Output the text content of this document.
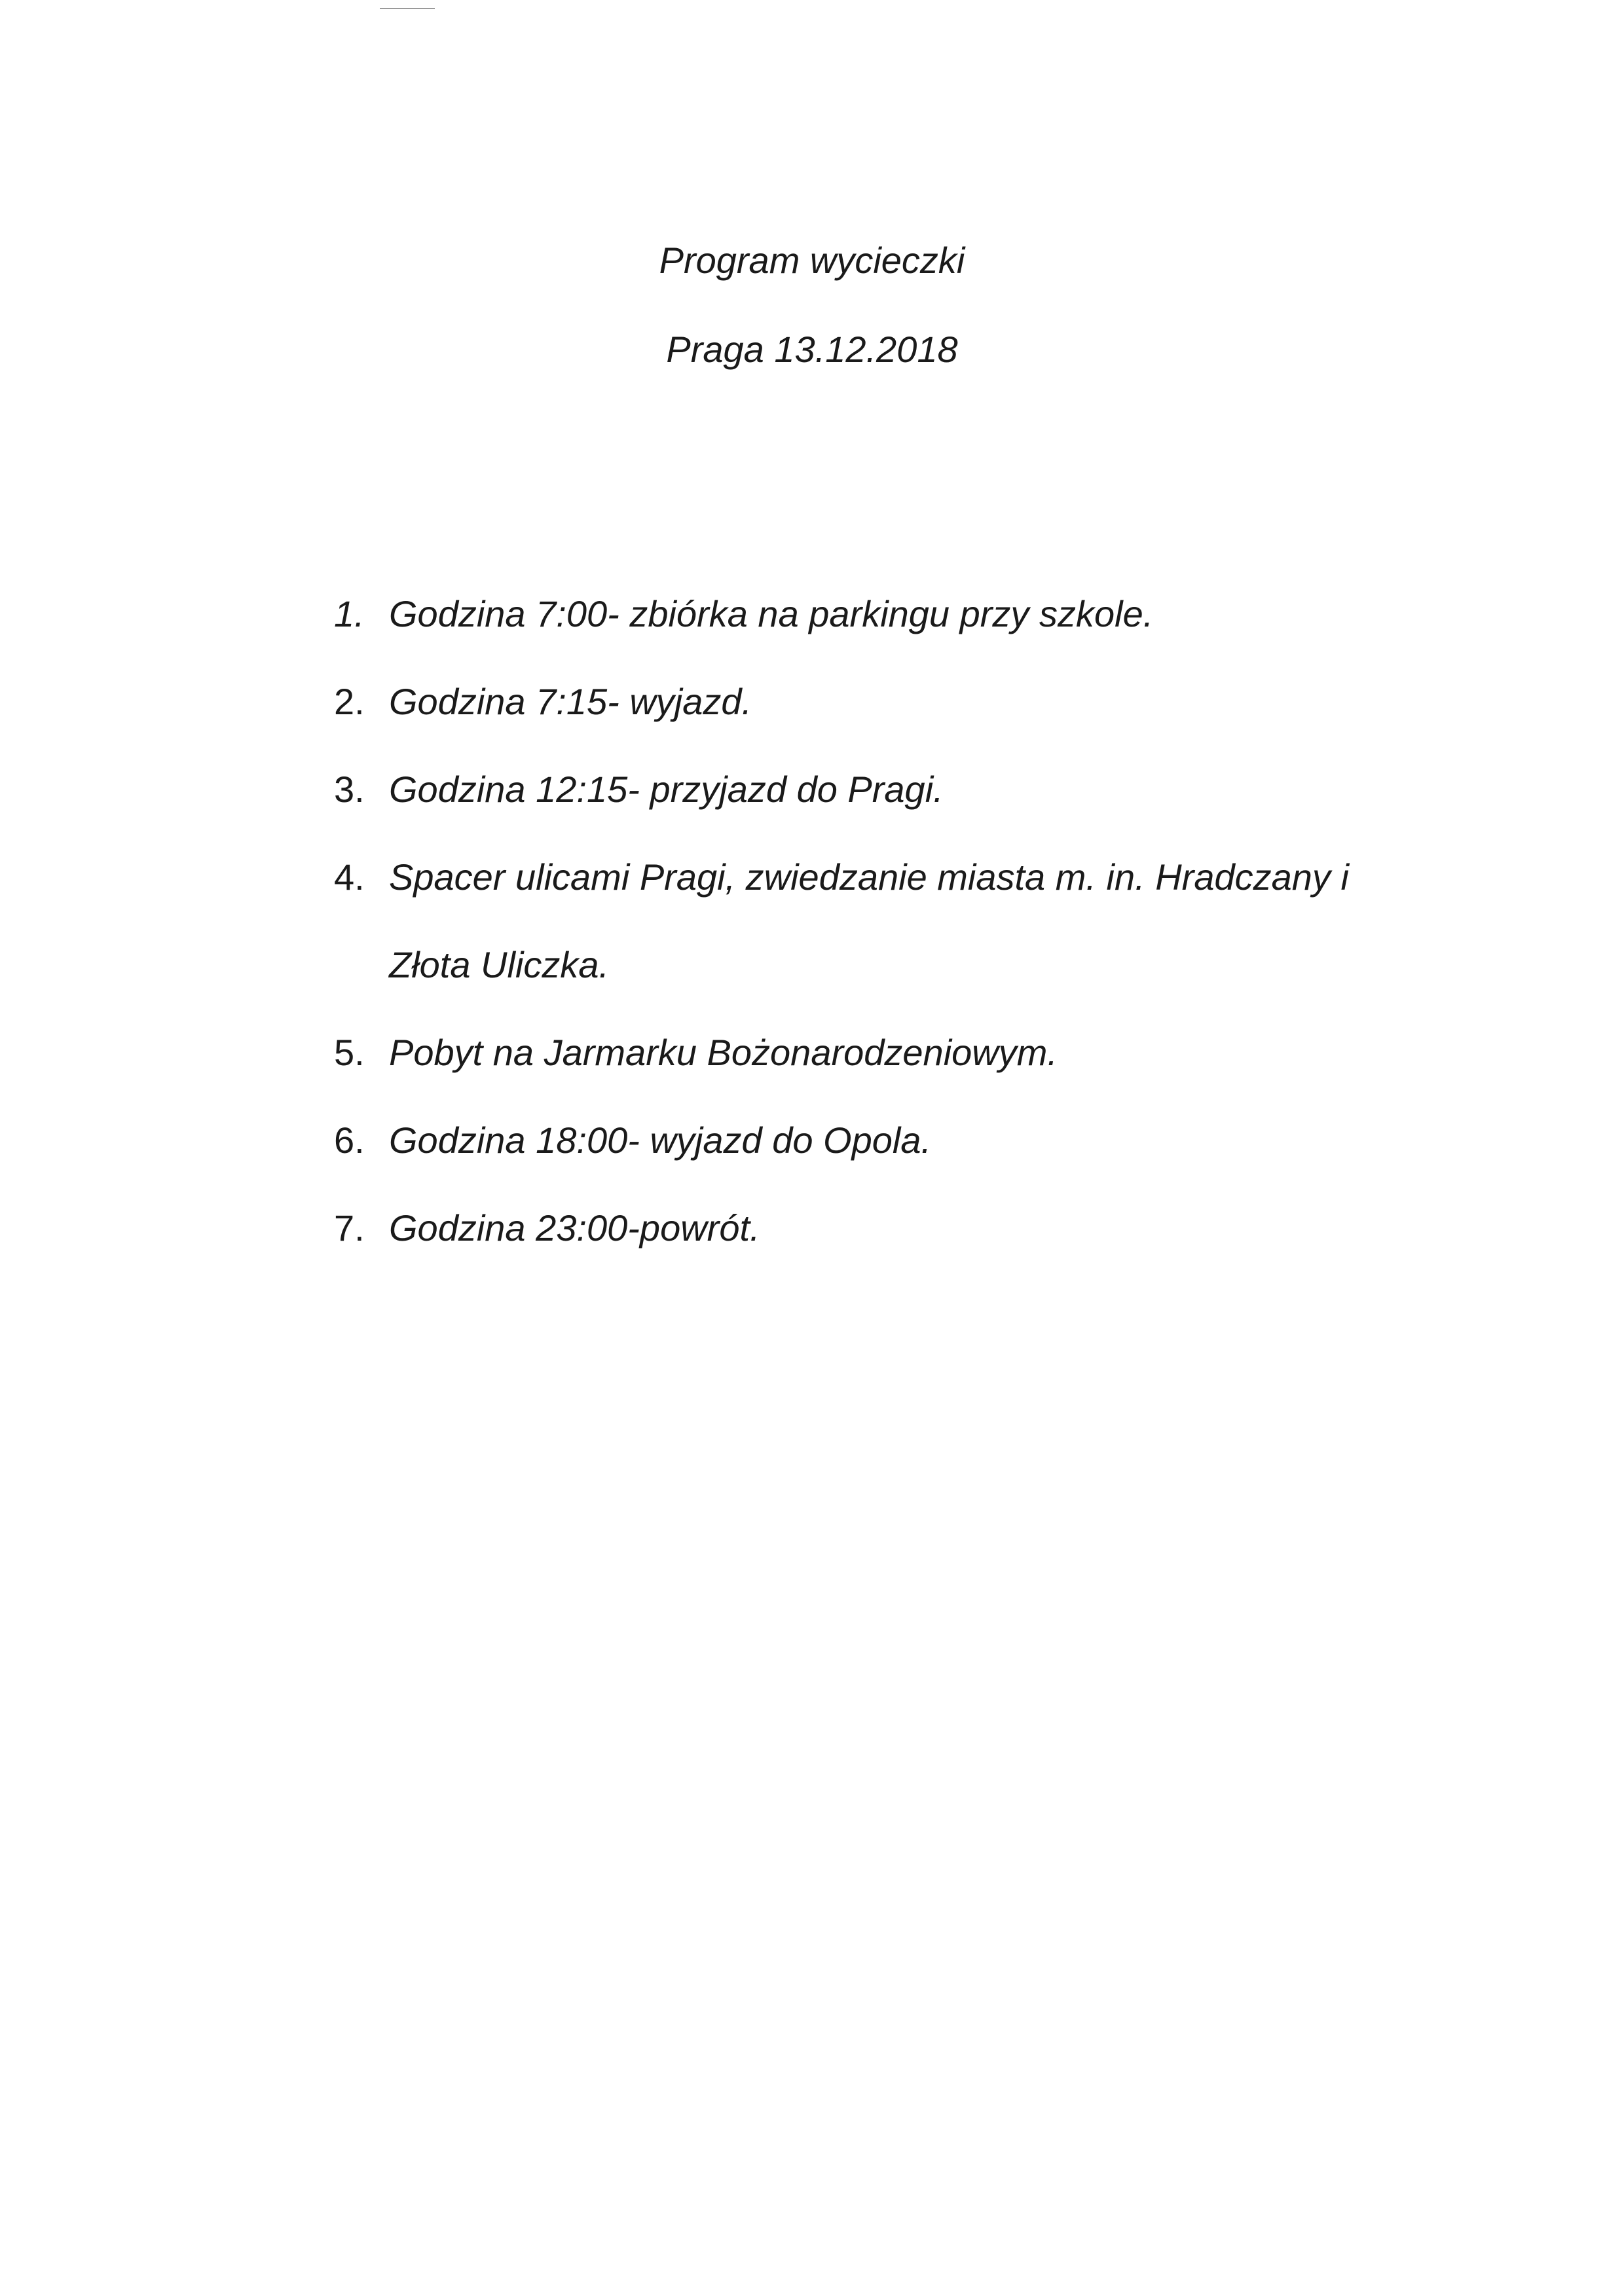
Program wycieczki
Praga 13.12.2018
1. Godzina 7:00- zbiórka na parkingu przy szkole.
2. Godzina 7:15- wyjazd.
3. Godzina 12:15- przyjazd do Pragi.
4. Spacer ulicami Pragi, zwiedzanie miasta m. in. Hradczany i
Złota Uliczka.
5. Pobyt na Jarmarku Bożonarodzeniowym.
6. Godzina 18:00- wyjazd do Opola.
7. Godzina 23:00-powrót.
